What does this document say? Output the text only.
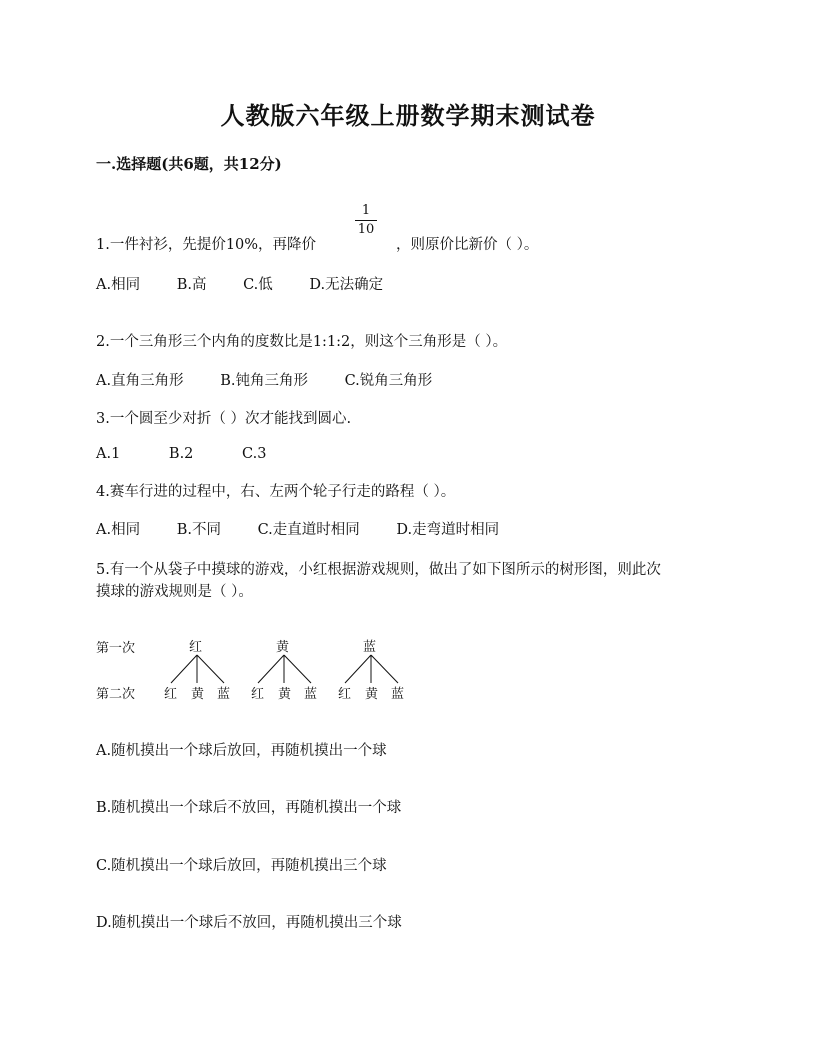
人教版六年级上册数学期末测试卷
一.选择题(共6题，共12分)
1.一件衬衫，先提价10%，再降价
1
10
，则原价比新价（ ）。
A.相同	B.高	C.低	D.无法确定
2.一个三角形三个内角的度数比是1:1:2，则这个三角形是（ ）。
A.直角三角形	B.钝角三角形	C.锐角三角形
3.一个圆至少对折（ ）次才能找到圆心.
A.1	B.2	C.3
4.赛车行进的过程中，右、左两个轮子行走的路程（ ）。
A.相同	B.不同	C.走直道时相同	D.走弯道时相同
5.有一个从袋子中摸球的游戏，小红根据游戏规则，做出了如下图所示的树形图，则此次
摸球的游戏规则是（ ）。
第一次
第二次
红	黄	蓝
红 黄 蓝 红 黄 蓝 红 黄 蓝
A.随机摸出一个球后放回，再随机摸出一个球
B.随机摸出一个球后不放回，再随机摸出一个球
C.随机摸出一个球后放回，再随机摸出三个球
D.随机摸出一个球后不放回，再随机摸出三个球
